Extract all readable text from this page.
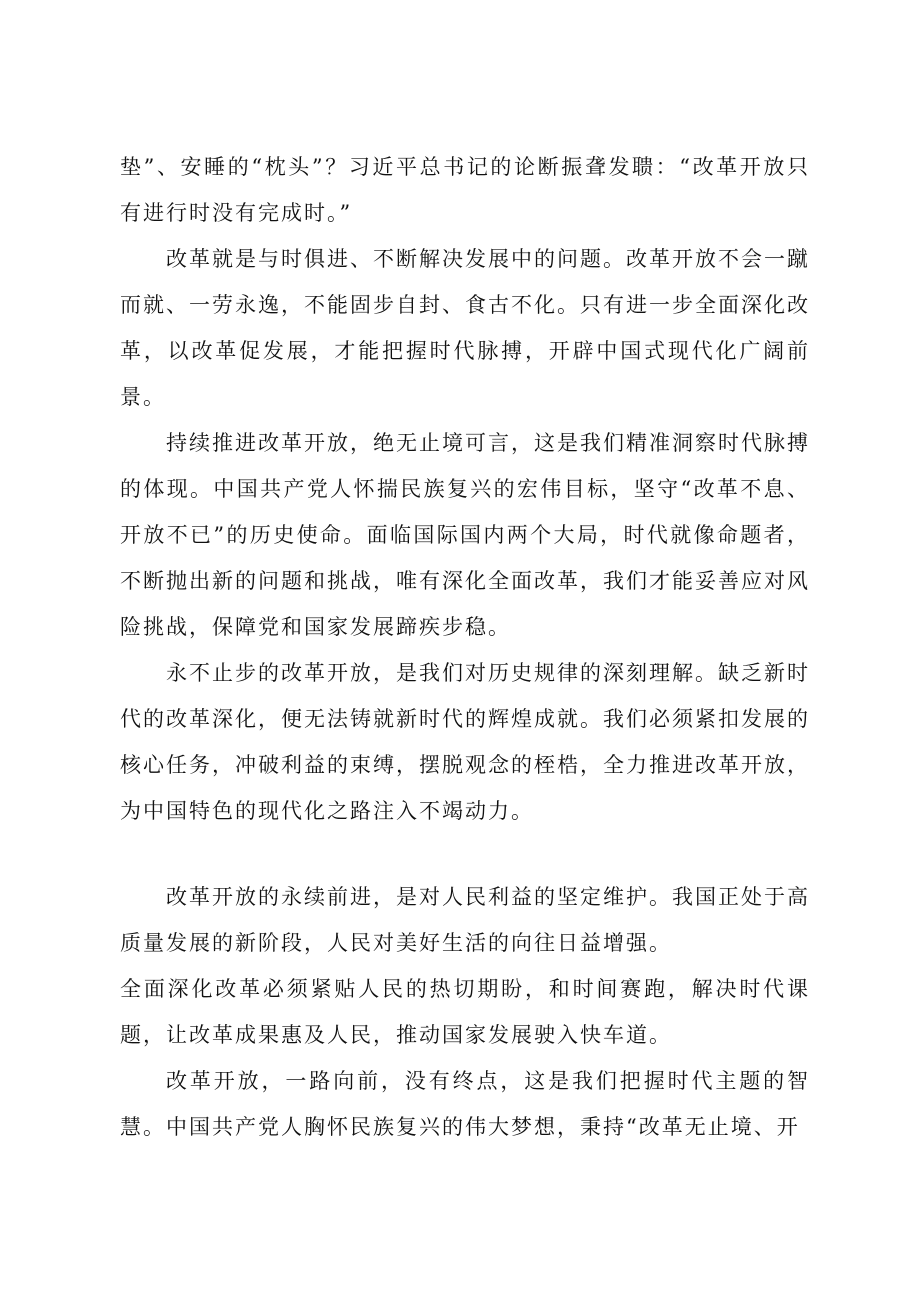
垫”、安睡的“枕头”？习近平总书记的论断振聋发聩：“改革开放只有进行时没有完成时。”

改革就是与时俱进、不断解决发展中的问题。改革开放不会一蹴而就、一劳永逸，不能固步自封、食古不化。只有进一步全面深化改革，以改革促发展，才能把握时代脉搏，开辟中国式现代化广阔前景。

持续推进改革开放，绝无止境可言，这是我们精准洞察时代脉搏的体现。中国共产党人怀揣民族复兴的宏伟目标，坚守“改革不息、开放不已”的历史使命。面临国际国内两个大局，时代就像命题者，不断抛出新的问题和挑战，唯有深化全面改革，我们才能妥善应对风险挑战，保障党和国家发展蹄疾步稳。

永不止步的改革开放，是我们对历史规律的深刻理解。缺乏新时代的改革深化，便无法铸就新时代的辉煌成就。我们必须紧扣发展的核心任务，冲破利益的束缚，摆脱观念的桎梏，全力推进改革开放，为中国特色的现代化之路注入不竭动力。

改革开放的永续前进，是对人民利益的坚定维护。我国正处于高质量发展的新阶段，人民对美好生活的向往日益增强。

全面深化改革必须紧贴人民的热切期盼，和时间赛跑，解决时代课题，让改革成果惠及人民，推动国家发展驶入快车道。

改革开放，一路向前，没有终点，这是我们把握时代主题的智慧。中国共产党人胸怀民族复兴的伟大梦想，秉持“改革无止境、开
